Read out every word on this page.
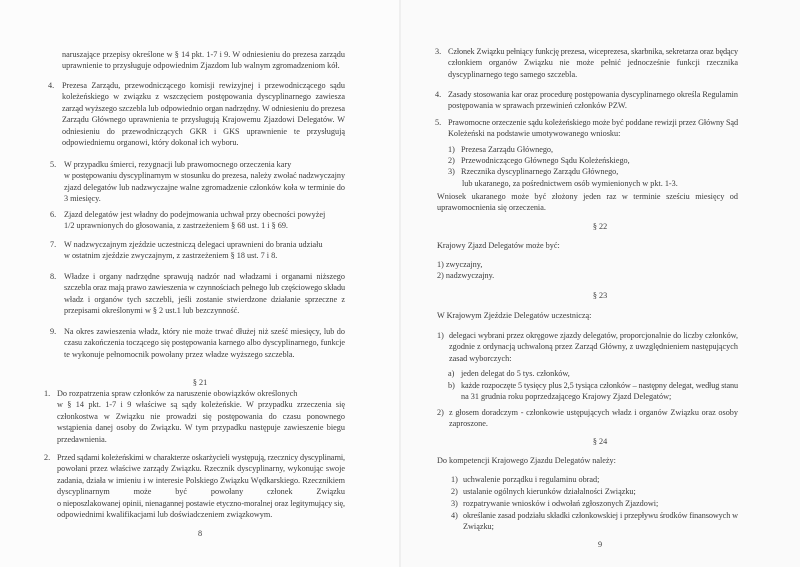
naruszające przepisy określone w § 14 pkt. 1-7 i 9. W odniesieniu do prezesa zarządu
uprawnienie to przysługuje odpowiednim Zjazdom lub walnym zgromadzeniom kół.
4. Prezesa Zarządu, przewodniczącego komisji rewizyjnej i przewodniczącego sądu
koleżeńskiego w związku z wszczęciem postępowania dyscyplinarnego zawiesza
zarząd wyższego szczebla lub odpowiednio organ nadrzędny. W odniesieniu do prezesa
Zarządu Głównego uprawnienia te przysługują Krajowemu Zjazdowi Delegatów. W
odniesieniu do przewodniczących GKR i GKS uprawnienie te przysługują
odpowiedniemu organowi, który dokonał ich wyboru.
5. W przypadku śmierci, rezygnacji lub prawomocnego orzeczenia kary
w postępowaniu dyscyplinarnym w stosunku do prezesa, należy zwołać nadzwyczajny
zjazd delegatów lub nadzwyczajne walne zgromadzenie członków koła w terminie do
3 miesięcy.
6. Zjazd delegatów jest władny do podejmowania uchwał przy obecności powyżej
1/2 uprawnionych do głosowania, z zastrzeżeniem § 68 ust. 1 i § 69.
7. W nadzwyczajnym zjeździe uczestniczą delegaci uprawnieni do brania udziału
w ostatnim zjeździe zwyczajnym, z zastrzeżeniem § 18 ust. 7 i 8.
8. Władze i organy nadrzędne sprawują nadzór nad władzami i organami niższego
szczebla oraz mają prawo zawieszenia w czynnościach pełnego lub częściowego składu
władz i organów tych szczebli, jeśli zostanie stwierdzone działanie sprzeczne z
przepisami określonymi w § 2 ust.1 lub bezczynność.
9. Na okres zawieszenia władz, który nie może trwać dłużej niż sześć miesięcy, lub do
czasu zakończenia toczącego się postępowania karnego albo dyscyplinarnego, funkcje
te wykonuje pełnomocnik powołany przez władze wyższego szczebla.
§ 21
1. Do rozpatrzenia spraw członków za naruszenie obowiązków określonych
w § 14 pkt. 1-7 i 9 właściwe są sądy koleżeńskie. W przypadku zrzeczenia się
członkostwa w Związku nie prowadzi się postępowania do czasu ponownego
wstąpienia danej osoby do Związku. W tym przypadku następuje zawieszenie biegu
przedawnienia.
2. Przed sądami koleżeńskimi w charakterze oskarżycieli występują, rzecznicy dyscyplinarni,
powołani przez właściwe zarządy Związku. Rzecznik dyscyplinarny, wykonując swoje
zadania, działa w imieniu i w interesie Polskiego Związku Wędkarskiego. Rzecznikiem
dyscyplinarnym może być powołany członek Związku
o nieposzlakowanej opinii, nienagannej postawie etyczno-moralnej oraz legitymujący się,
odpowiednimi kwalifikacjami lub doświadczeniem związkowym.
8
3. Członek Związku pełniący funkcję prezesa, wiceprezesa, skarbnika, sekretarza oraz będący
członkiem organów Związku nie może pełnić jednocześnie funkcji rzecznika
dyscyplinarnego tego samego szczebla.
4. Zasady stosowania kar oraz procedurę postępowania dyscyplinarnego określa Regulamin
postępowania w sprawach przewinień członków PZW.
5. Prawomocne orzeczenie sądu koleżeńskiego może być poddane rewizji przez Główny Sąd
Koleżeński na podstawie umotywowanego wniosku:
Wniosek ukaranego może być złożony jeden raz w terminie sześciu miesięcy od
uprawomocnienia się orzeczenia.
§ 22
Krajowy Zjazd Delegatów może być:
1) zwyczajny,
2) nadzwyczajny.
§ 23
W Krajowym Zjeździe Delegatów uczestniczą:
1) delegaci wybrani przez okręgowe zjazdy delegatów, proporcjonalnie do liczby członków,
zgodnie z ordynacją uchwaloną przez Zarząd Główny, z uwzględnieniem następujących
zasad wyborczych:
a) jeden delegat do 5 tys. członków,
b) każde rozpoczęte 5 tysięcy plus 2,5 tysiąca członków – następny delegat, według stanu
na 31 grudnia roku poprzedzającego Krajowy Zjazd Delegatów;
2) z głosem doradczym - członkowie ustępujących władz i organów Związku oraz osoby
zaproszone.
§ 24
Do kompetencji Krajowego Zjazdu Delegatów należy:
1) uchwalenie porządku i regulaminu obrad;
2) ustalanie ogólnych kierunków działalności Związku;
3) rozpatrywanie wniosków i odwołań zgłoszonych Zjazdowi;
4) określanie zasad podziału składki członkowskiej i przepływu środków finansowych w
Związku;
9
1) Prezesa Zarządu Głównego,
2) Przewodniczącego Głównego Sądu Koleżeńskiego,
3) Rzecznika dyscyplinarnego Zarządu Głównego,
lub ukaranego, za pośrednictwem osób wymienionych w pkt. 1-3.
